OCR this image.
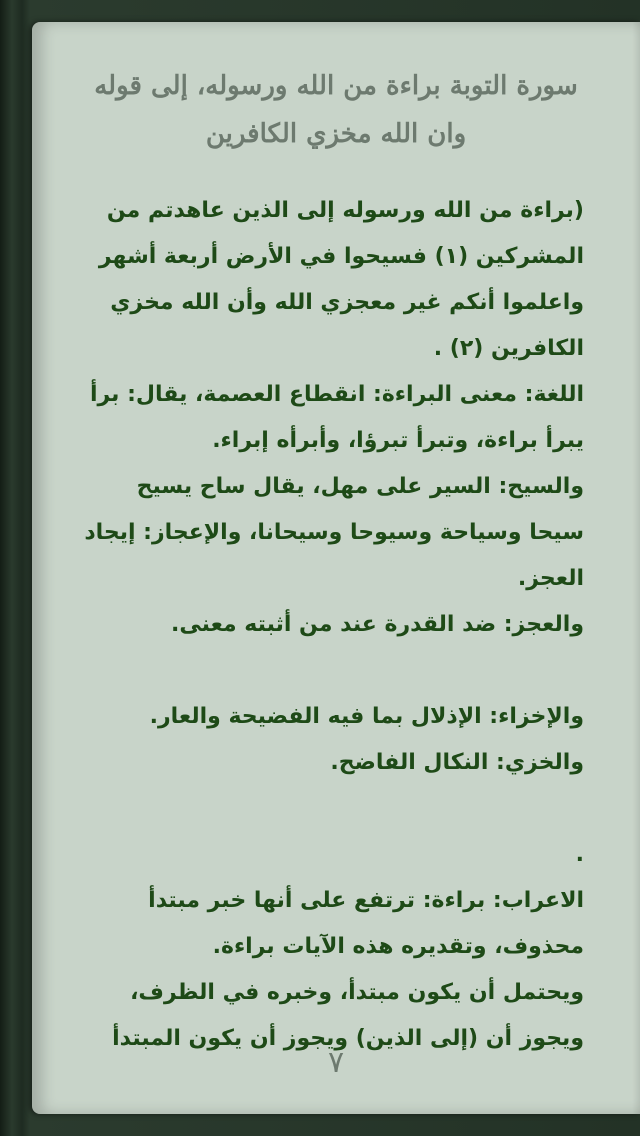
سورة التوبة براءة من الله ورسوله، إلى قوله وان الله مخزي الكافرين

(براءة من الله ورسوله إلى الذين عاهدتم من المشركين (١) فسيحوا في الأرض أربعة أشهر واعلموا أنكم غير معجزي الله وأن الله مخزي الكافرين (٢) .

اللغة: معنى البراءة: انقطاع العصمة، يقال: برأ يبرأ براءة، وتبرأ تبرؤا، وأبرأه إبراء.

والسيح: السير على مهل، يقال ساح يسيح سيحا وسياحة وسيوحا وسيحانا، والإعجاز: إيجاد العجز.

والعجز: ضد القدرة عند من أثبته معنى.

والإخزاء: الإذلال بما فيه الفضيحة والعار.

والخزي: النكال الفاضح.

.

الاعراب: براءة: ترتفع على أنها خبر مبتدأ محذوف، وتقديره هذه الآيات براءة.

ويحتمل أن يكون مبتدأ، وخبره في الظرف، ويجوز أن (إلى الذين) ويجوز أن يكون المبتدأ

٧
